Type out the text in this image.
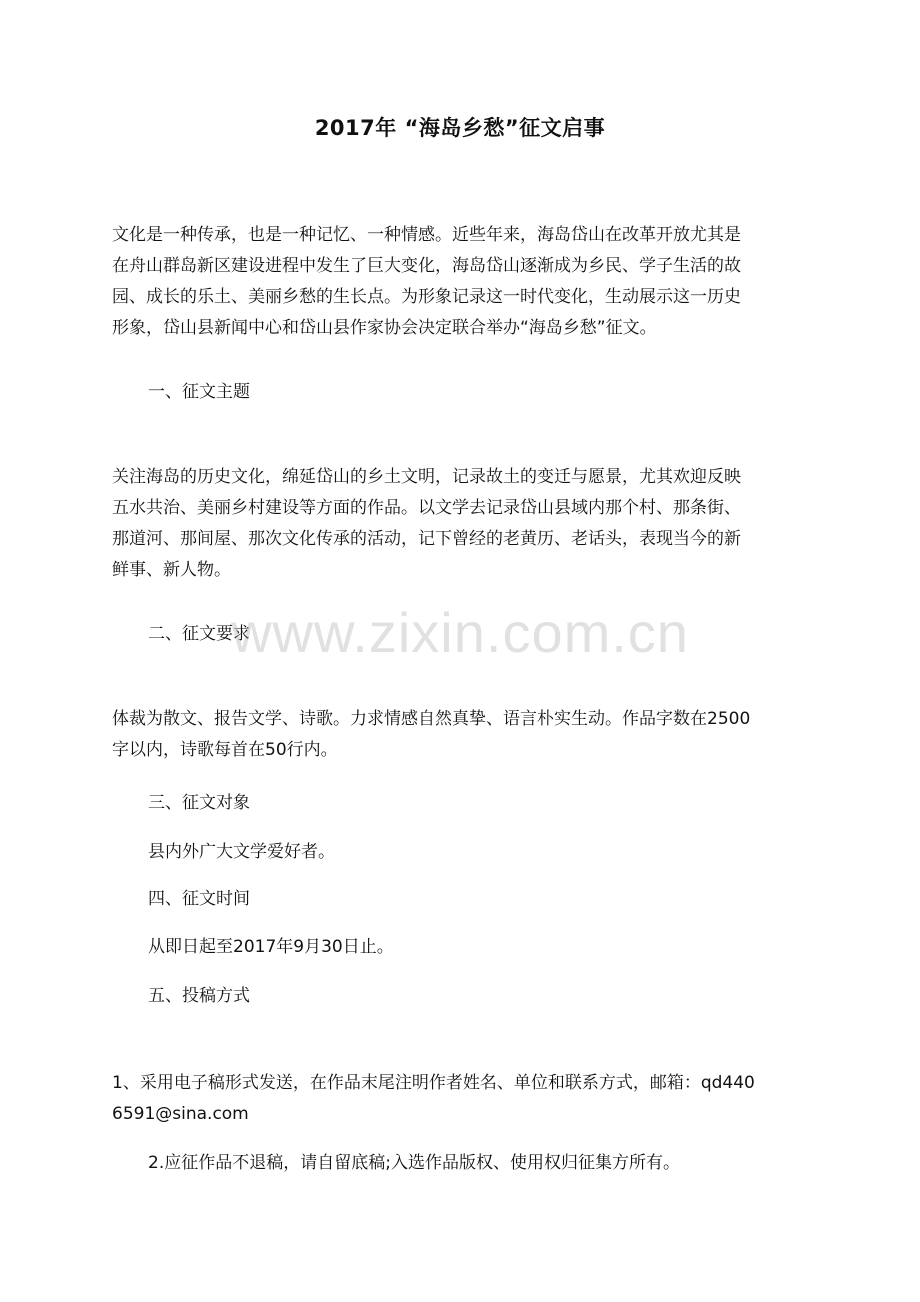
2017年 “海岛乡愁”征文启事
文化是一种传承，也是一种记忆、一种情感。近些年来，海岛岱山在改革开放尤其是
在舟山群岛新区建设进程中发生了巨大变化，海岛岱山逐渐成为乡民、学子生活的故
园、成长的乐土、美丽乡愁的生长点。为形象记录这一时代变化，生动展示这一历史
形象，岱山县新闻中心和岱山县作家协会决定联合举办“海岛乡愁”征文。
一、征文主题
关注海岛的历史文化，绵延岱山的乡土文明，记录故土的变迁与愿景，尤其欢迎反映
五水共治、美丽乡村建设等方面的作品。以文学去记录岱山县域内那个村、那条街、
那道河、那间屋、那次文化传承的活动，记下曾经的老黄历、老话头，表现当今的新
鲜事、新人物。
二、征文要求
体裁为散文、报告文学、诗歌。力求情感自然真挚、语言朴实生动。作品字数在2500
字以内，诗歌每首在50行内。
三、征文对象
县内外广大文学爱好者。
四、征文时间
从即日起至2017年9月30日止。
五、投稿方式
1、采用电子稿形式发送，在作品末尾注明作者姓名、单位和联系方式，邮箱：qd440
6591@sina.com
2.应征作品不退稿，请自留底稿;入选作品版权、使用权归征集方所有。
www.zixin.com.cn
